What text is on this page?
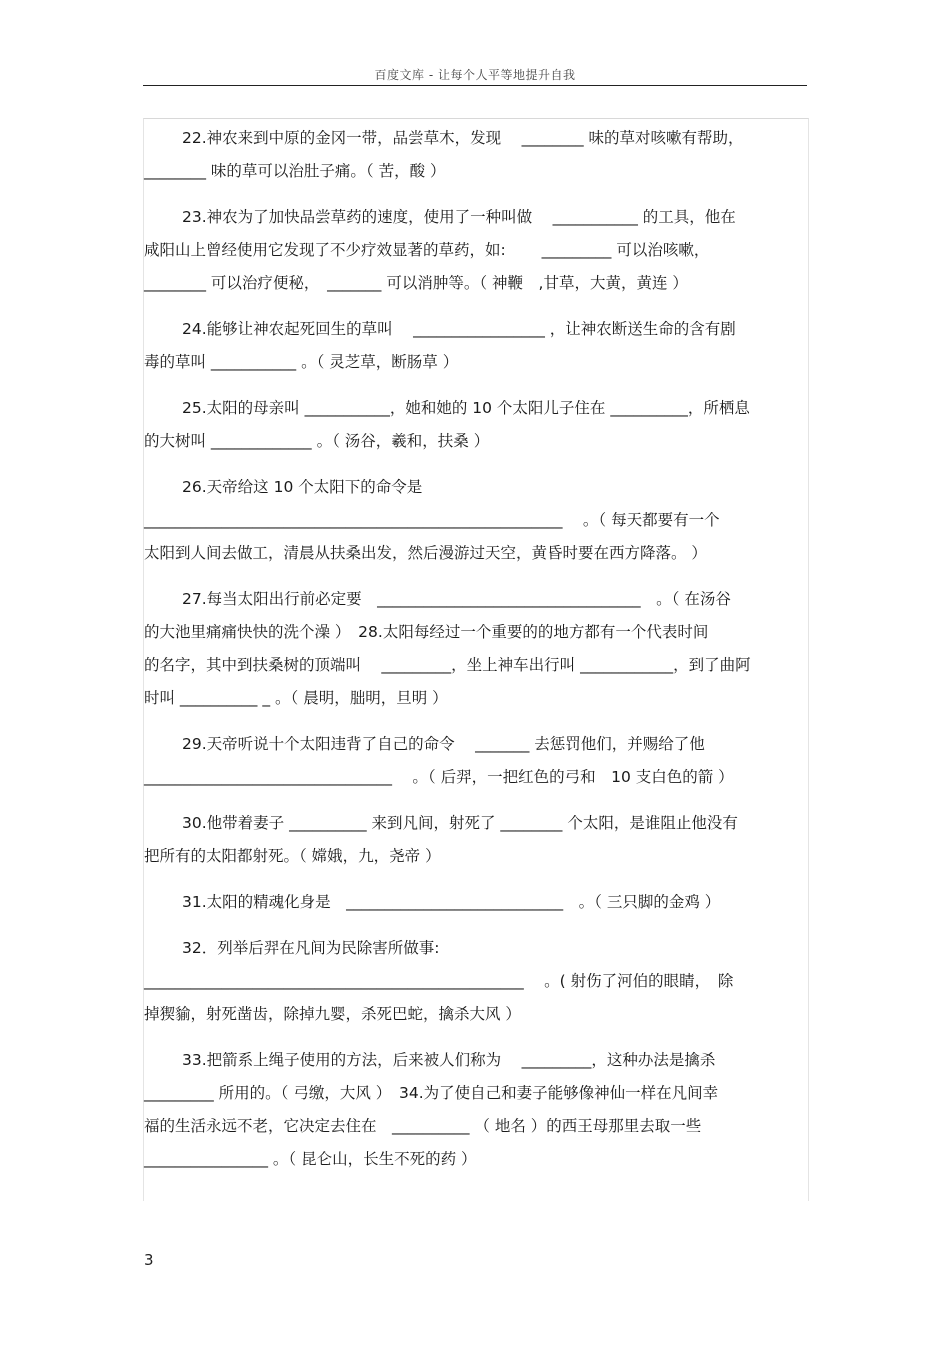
百度文库 - 让每个人平等地提升自我
22.神农来到中原的金冈一带，品尝草木，发现　 ________ 味的草对咳嗽有帮助，
________ 味的草可以治肚子痛。（ 苦，酸 ）
23.神农为了加快品尝草药的速度，使用了一种叫做　 ___________ 的工具，他在
咸阳山上曾经使用它发现了不少疗效显著的草药，如:　　 _________ 可以治咳嗽，
________ 可以治疗便秘，　_______ 可以消肿等。（ 神鞭　,甘草，大黄，黄连 ）
24.能够让神农起死回生的草叫　 _________________ ，让神农断送生命的含有剧
毒的草叫 ___________ 。（ 灵芝草，断肠草 ）
25.太阳的母亲叫 ___________，她和她的 10 个太阳儿子住在 __________，所栖息
的大树叫 _____________ 。（ 汤谷，羲和，扶桑 ）
26.天帝给这 10 个太阳下的命令是
______________________________________________________　 。（ 每天都要有一个
太阳到人间去做工，清晨从扶桑出发，然后漫游过天空，黄昏时要在西方降落。 ）
27.每当太阳出行前必定要　__________________________________　。（ 在汤谷
的大池里痛痛快快的洗个澡 ）　28.太阳每经过一个重要的的地方都有一个代表时间
的名字，其中到扶桑树的顶端叫　 _________，坐上神车出行叫 ____________，到了曲阿
时叫 __________ _ 。（ 晨明，朏明，旦明 ）
29.天帝听说十个太阳违背了自己的命令　 _______ 去惩罚他们，并赐给了他
________________________________　 。（ 后羿，一把红色的弓和　10 支白色的箭 ）
30.他带着妻子 __________ 来到凡间，射死了 ________ 个太阳，是谁阻止他没有
把所有的太阳都射死。（ 嫦娥，九，尧帝 ）
31.太阳的精魂化身是　____________________________　。（ 三只脚的金鸡 ）
32．列举后羿在凡间为民除害所做事:
_________________________________________________　 。( 射伤了河伯的眼睛，　除
掉猰貐，射死凿齿，除掉九婴，杀死巴蛇，擒杀大风 ）
33.把箭系上绳子使用的方法，后来被人们称为　 _________，这种办法是擒杀
_________ 所用的。（ 弓缴，大风 ）　34.为了使自己和妻子能够像神仙一样在凡间幸
福的生活永远不老，它决定去住在　__________ （ 地名 ）的西王母那里去取一些
________________ 。（ 昆仑山，长生不死的药 ）
3
